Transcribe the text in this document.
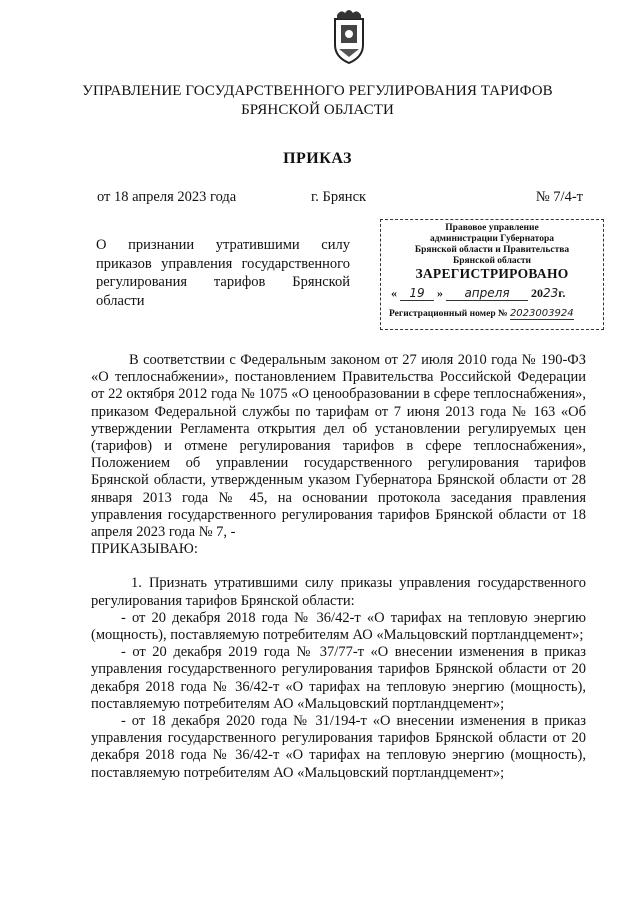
УПРАВЛЕНИЕ ГОСУДАРСТВЕННОГО РЕГУЛИРОВАНИЯ ТАРИФОВ
БРЯНСКОЙ ОБЛАСТИ
ПРИКАЗ
от 18 апреля 2023 года	г. Брянск	№ 7/4-т
О признании утратившими силу приказов управления государственного регулирования тарифов Брянской области
Правовое управление
администрации Губернатора
Брянской области и Правительства
Брянской области
ЗАРЕГИСТРИРОВАНО
« 19 » апреля 2023г.
Регистрационный номер № 2023003924

В соответствии с Федеральным законом от 27 июля 2010 года № 190-ФЗ «О теплоснабжении», постановлением Правительства Российской Федерации от 22 октября 2012 года № 1075 «О ценообразовании в сфере теплоснабжения», приказом Федеральной службы по тарифам от 7 июня 2013 года № 163 «Об утверждении Регламента открытия дел об установлении регулируемых цен (тарифов) и отмене регулирования тарифов в сфере теплоснабжения», Положением об управлении государственного регулирования тарифов Брянской области, утвержденным указом Губернатора Брянской области от 28 января 2013 года № 45, на основании протокола заседания правления управления государственного регулирования тарифов Брянской области от 18 апреля 2023 года № 7, -

ПРИКАЗЫВАЮ:

1. Признать утратившими силу приказы управления государственного регулирования тарифов Брянской области:

- от 20 декабря 2018 года № 36/42-т «О тарифах на тепловую энергию (мощность), поставляемую потребителям АО «Мальцовский портландцемент»;

- от 20 декабря 2019 года № 37/77-т «О внесении изменения в приказ управления государственного регулирования тарифов Брянской области от 20 декабря 2018 года № 36/42-т «О тарифах на тепловую энергию (мощность), поставляемую потребителям АО «Мальцовский портландцемент»;

- от 18 декабря 2020 года № 31/194-т «О внесении изменения в приказ управления государственного регулирования тарифов Брянской области от 20 декабря 2018 года № 36/42-т «О тарифах на тепловую энергию (мощность), поставляемую потребителям АО «Мальцовский портландцемент»;
